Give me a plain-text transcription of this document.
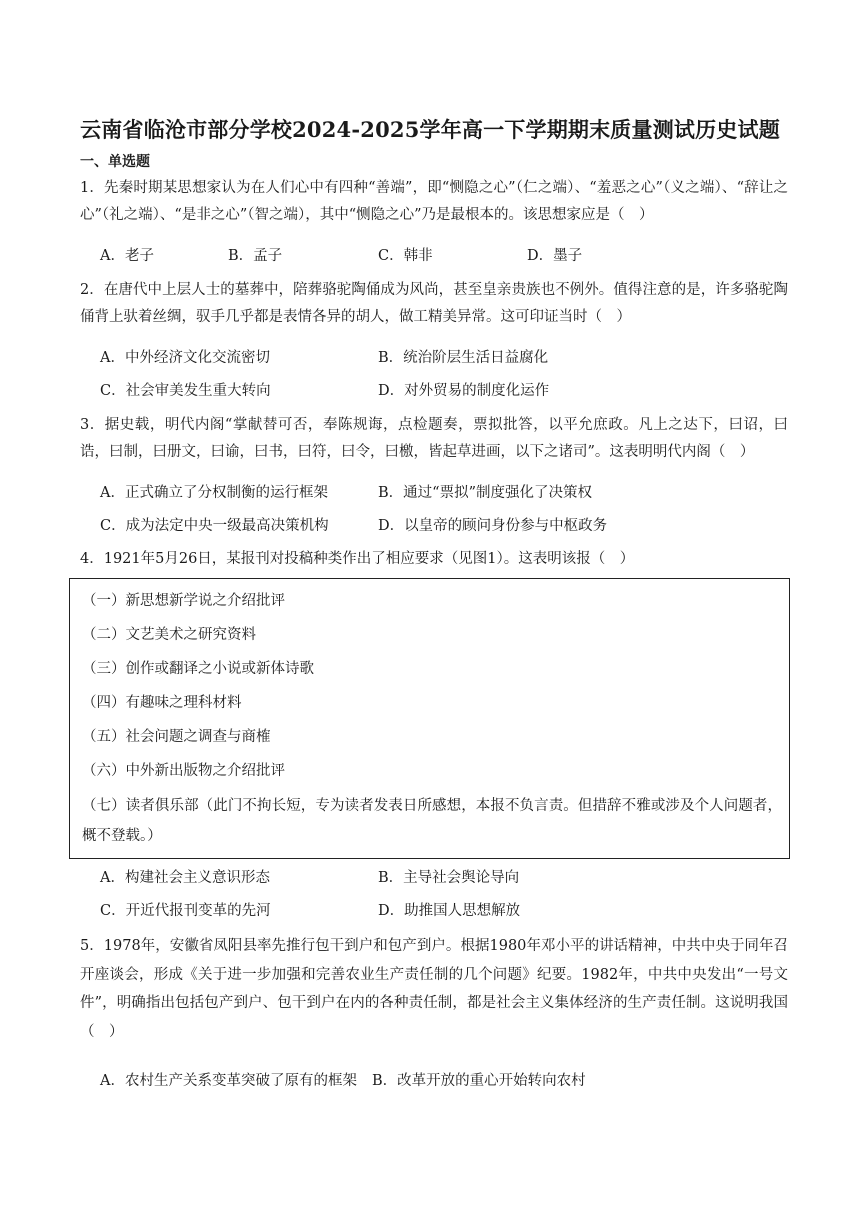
云南省临沧市部分学校2024-2025学年高一下学期期末质量测试历史试题
一、单选题
1．先秦时期某思想家认为在人们心中有四种“善端”，即“恻隐之心”（仁之端）、“羞恶之心”（义之端）、“辞让之心”（礼之端）、“是非之心”（智之端），其中“恻隐之心”乃是最根本的。该思想家应是（　）
A．老子	B．孟子	C．韩非	D．墨子
2．在唐代中上层人士的墓葬中，陪葬骆驼陶俑成为风尚，甚至皇亲贵族也不例外。值得注意的是，许多骆驼陶俑背上驮着丝绸，驭手几乎都是表情各异的胡人，做工精美异常。这可印证当时（　）
A．中外经济文化交流密切	B．统治阶层生活日益腐化
C．社会审美发生重大转向	D．对外贸易的制度化运作
3．据史载，明代内阁“掌献替可否，奉陈规诲，点检题奏，票拟批答，以平允庶政。凡上之达下，曰诏，曰诰，曰制，曰册文，曰谕，曰书，曰符，曰令，曰檄，皆起草进画，以下之诸司”。这表明明代内阁（　）
A．正式确立了分权制衡的运行框架	B．通过“票拟”制度强化了决策权
C．成为法定中央一级最高决策机构	D．以皇帝的顾问身份参与中枢政务
4．1921年5月26日，某报刊对投稿种类作出了相应要求（见图1）。这表明该报（　）
（一）新思想新学说之介绍批评
（二）文艺美术之研究资料
（三）创作或翻译之小说或新体诗歌
（四）有趣味之理科材料
（五）社会问题之调查与商榷
（六）中外新出版物之介绍批评
（七）读者俱乐部（此门不拘长短，专为读者发表日所感想，本报不负言责。但措辞不雅或涉及个人问题者，概不登载。）
A．构建社会主义意识形态	B．主导社会舆论导向
C．开近代报刊变革的先河	D．助推国人思想解放
5．1978年，安徽省凤阳县率先推行包干到户和包产到户。根据1980年邓小平的讲话精神，中共中央于同年召开座谈会，形成《关于进一步加强和完善农业生产责任制的几个问题》纪要。1982年，中共中央发出“一号文件”，明确指出包括包产到户、包干到户在内的各种责任制，都是社会主义集体经济的生产责任制。这说明我国（　）
A．农村生产关系变革突破了原有的框架 B．改革开放的重心开始转向农村
